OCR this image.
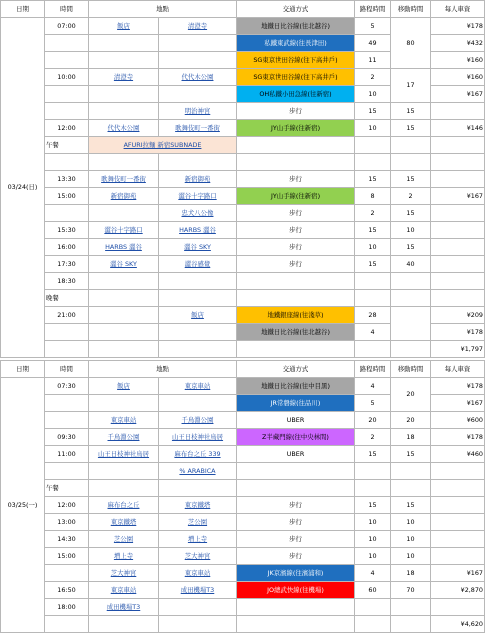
日期	時間	地點		交通方式	路程時間	移動時間	每人車資
03/24(日)	07:00	飯店	清澄寺	地鐵日比谷線(往北越谷)	5	80	¥178
				私鐵東武線(往長津田)	49		¥432
				SG東京世田谷線(往下高井戶)	11		¥160
	10:00	清澄寺	代代木公園	SG東京世田谷線(往下高井戶)	2	17	¥160
				OH私鐵小田急線(往新宿)	10		¥167
			明治神宮	步行	15	15	
	12:00	代代木公園	歌舞伎町一番街	JY山手線(往新宿)	10	15	¥146
	午餐	AFURI拉麵 新宿SUBNADE					

	13:30	歌舞伎町一番街	新宿御苑	步行	15	15	
	15:00	新宿御苑	澀谷十字路口	JY山手線(往新宿)	8	2	¥167
			忠犬八公像	步行	2	15	
	15:30	澀谷十字路口	HARBS 澀谷	步行	15	10	
	16:00	HARBS 澀谷	澀谷 SKY	步行	10	15	
	17:30	澀谷 SKY	澀谷感覺	步行	15	40	
	18:30						
	晚餐						
	21:00		飯店	地鐵銀座線(往淺草)	28		¥209
				地鐵日比谷線(往北越谷)	4		¥178
							¥1,797
日期	時間	地點		交通方式	路程時間	移動時間	每人車資
03/25(一)	07:30	飯店	東京車站	地鐵日比谷線(往中目黑)	4	20	¥178
				JR常磐線(往品川)	5		¥167
		東京車站	千鳥淵公園	UBER	20	20	¥600
	09:30	千鳥淵公園	山王日枝神社鳥居	Z半藏門線(往中央林間)	2	18	¥178
	11:00	山王日枝神社鳥居	麻布台之丘 339	UBER	15	15	¥460
			% ARABICA				
	午餐						
	12:00	麻布台之丘	東京鐵塔	步行	15	15	
	13:00	東京鐵塔	芝公園	步行	10	10	
	14:30	芝公園	増上寺	步行	10	10	
	15:00	増上寺	芝大神宮	步行	10	10	
		芝大神宮	東京車站	JK京濱線(往濱浦和)	4	18	¥167
	16:50	東京車站	成田機場T3	JO總武快線(往機場)	60	70	¥2,870
	18:00	成田機場T3					
							¥4,620
